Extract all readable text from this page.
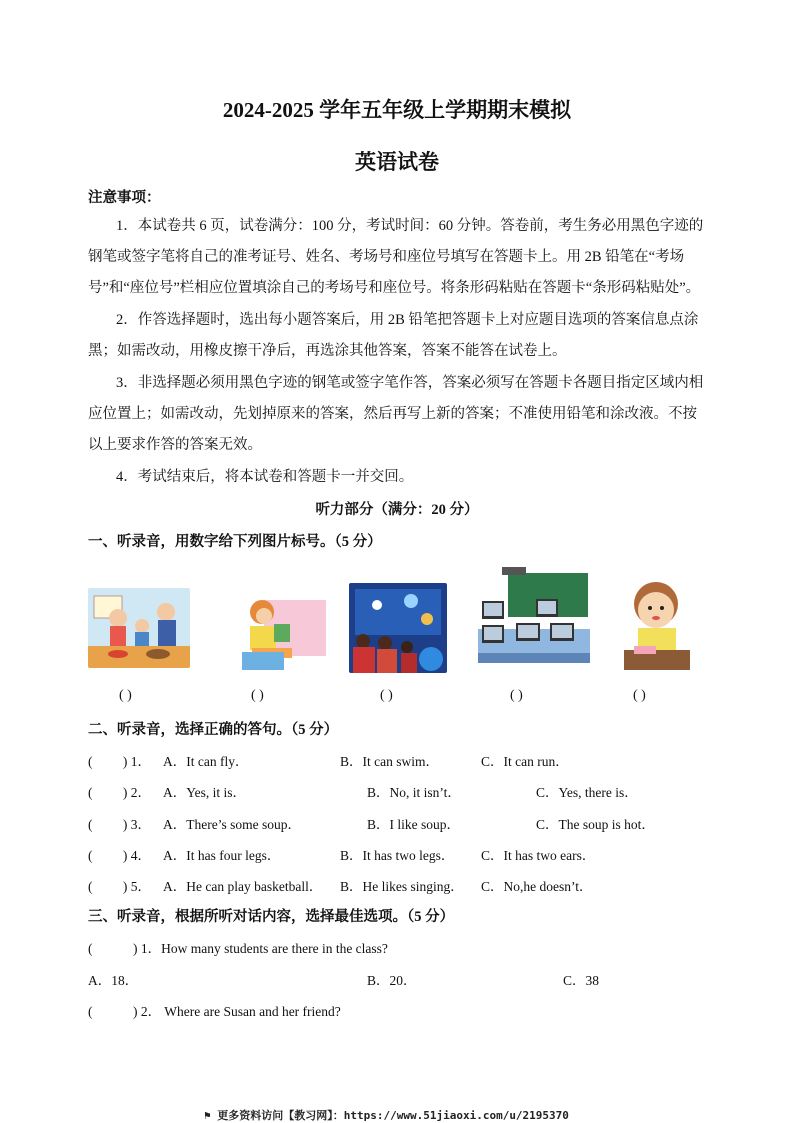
2024-2025 学年五年级上学期期末模拟
英语试卷
注意事项：
1．本试卷共 6 页，试卷满分：100 分，考试时间：60 分钟。答卷前，考生务必用黑色字迹的钢笔或签字笔将自己的准考证号、姓名、考场号和座位号填写在答题卡上。用 2B 铅笔在“考场号”和“座位号”栏相应位置填涂自己的考场号和座位号。将条形码粘贴在答题卡“条形码粘贴处”。
2．作答选择题时，选出每小题答案后，用 2B 铅笔把答题卡上对应题目选项的答案信息点涂黑；如需改动，用橡皮擦干净后，再选涂其他答案，答案不能答在试卷上。
3．非选择题必须用黑色字迹的钢笔或签字笔作答，答案必须写在答题卡各题目指定区域内相应位置上；如需改动，先划掉原来的答案，然后再写上新的答案；不准使用铅笔和涂改液。不按以上要求作答的答案无效。
4．考试结束后，将本试卷和答题卡一并交回。
听力部分（满分：20 分）
一、听录音，用数字给下列图片标号。（5 分）
( )	( )	( )	( )	( )
二、听录音，选择正确的答句。（5 分）
( 　　) 1． A．It can fly．	B．It can swim．	C．It can run．
( 　　) 2． A．Yes, it is．	B．No, it isn’t．	C．Yes, there is．
( 　　) 3． A．There’s some soup．	B．I like soup．	C．The soup is hot．
( 　　) 4． A．It has four legs．	B．It has two legs． C．It has two ears．
( 　　) 5． A．He can play basketball． B．He likes singing． C．No,he doesn’t．
三、听录音，根据所听对话内容，选择最佳选项。（5 分）
(　　　) 1．How many students are there in the class?
A．18．	B．20．	C．38
(　　　) 2． Where are Susan and her friend?
⚑ 更多资料访问【教习网】：https://www.51jiaoxi.com/u/2195370
